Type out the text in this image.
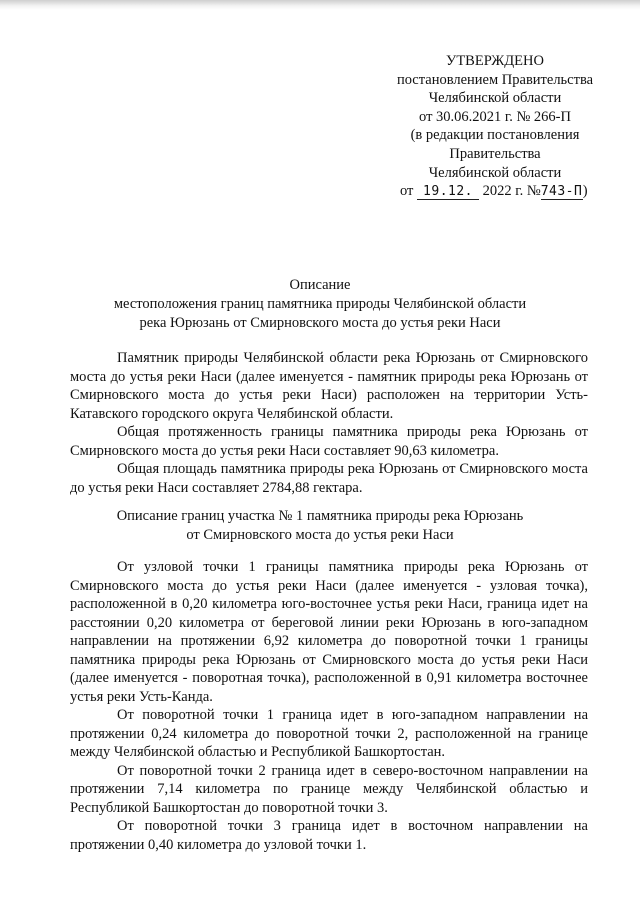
УТВЕРЖДЕНО
постановлением Правительства
Челябинской области
от 30.06.2021 г. № 266-П
(в редакции постановления
Правительства
Челябинской области
от 19.12. 2022 г. №743-П)
Описание
местоположения границ памятника природы Челябинской области
река Юрюзань от Смирновского моста до устья реки Наси

Памятник природы Челябинской области река Юрюзань от Смирновского моста до устья реки Наси (далее именуется - памятник природы река Юрюзань от Смирновского моста до устья реки Наси) расположен на территории Усть-Катавского городского округа Челябинской области.

Общая протяженность границы памятника природы река Юрюзань от Смирновского моста до устья реки Наси составляет 90,63 километра.

Общая площадь памятника природы река Юрюзань от Смирновского моста до устья реки Наси составляет 2784,88 гектара.

Описание границ участка № 1 памятника природы река Юрюзань
от Смирновского моста до устья реки Наси

От узловой точки 1 границы памятника природы река Юрюзань от Смирновского моста до устья реки Наси (далее именуется - узловая точка), расположенной в 0,20 километра юго-восточнее устья реки Наси, граница идет на расстоянии 0,20 километра от береговой линии реки Юрюзань в юго-западном направлении на протяжении 6,92 километра до поворотной точки 1 границы памятника природы река Юрюзань от Смирновского моста до устья реки Наси (далее именуется - поворотная точка), расположенной в 0,91 километра восточнее устья реки Усть-Канда.

От поворотной точки 1 граница идет в юго-западном направлении на протяжении 0,24 километра до поворотной точки 2, расположенной на границе между Челябинской областью и Республикой Башкортостан.

От поворотной точки 2 граница идет в северо-восточном направлении на протяжении 7,14 километра по границе между Челябинской областью и Республикой Башкортостан до поворотной точки 3.

От поворотной точки 3 граница идет в восточном направлении на протяжении 0,40 километра до узловой точки 1.
